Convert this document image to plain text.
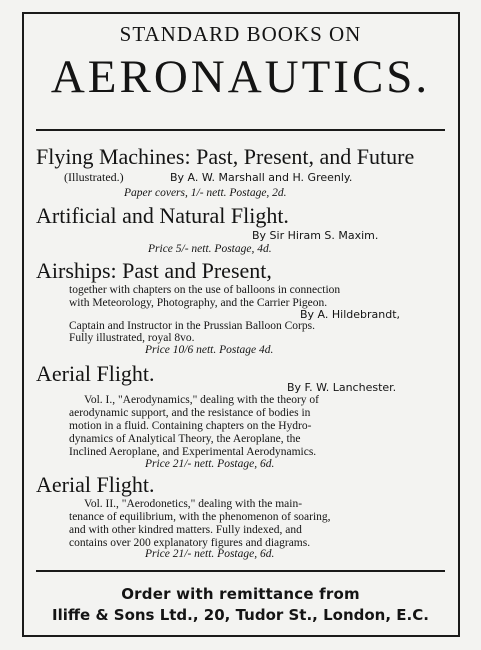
STANDARD BOOKS ON
AERONAUTICS.
Flying Machines: Past, Present, and Future
(Illustrated.)	By A. W. Marshall and H. Greenly.
Paper covers, 1/- nett. Postage, 2d.
Artificial and Natural Flight.
By Sir Hiram S. Maxim.
Price 5/- nett. Postage, 4d.
Airships: Past and Present,
together with chapters on the use of balloons in connection
with Meteorology, Photography, and the Carrier Pigeon.
By A. Hildebrandt,
Captain and Instructor in the Prussian Balloon Corps.
Fully illustrated, royal 8vo.
Price 10/6 nett. Postage 4d.
Aerial Flight.
By F. W. Lanchester.
Vol. I., "Aerodynamics," dealing with the theory of
aerodynamic support, and the resistance of bodies in
motion in a fluid. Containing chapters on the Hydro-
dynamics of Analytical Theory, the Aeroplane, the
Inclined Aeroplane, and Experimental Aerodynamics.
Price 21/- nett. Postage, 6d.
Aerial Flight.
Vol. II., "Aerodonetics," dealing with the main-
tenance of equilibrium, with the phenomenon of soaring,
and with other kindred matters. Fully indexed, and
contains over 200 explanatory figures and diagrams.
Price 21/- nett. Postage, 6d.
Order with remittance from
Iliffe & Sons Ltd., 20, Tudor St., London, E.C.
